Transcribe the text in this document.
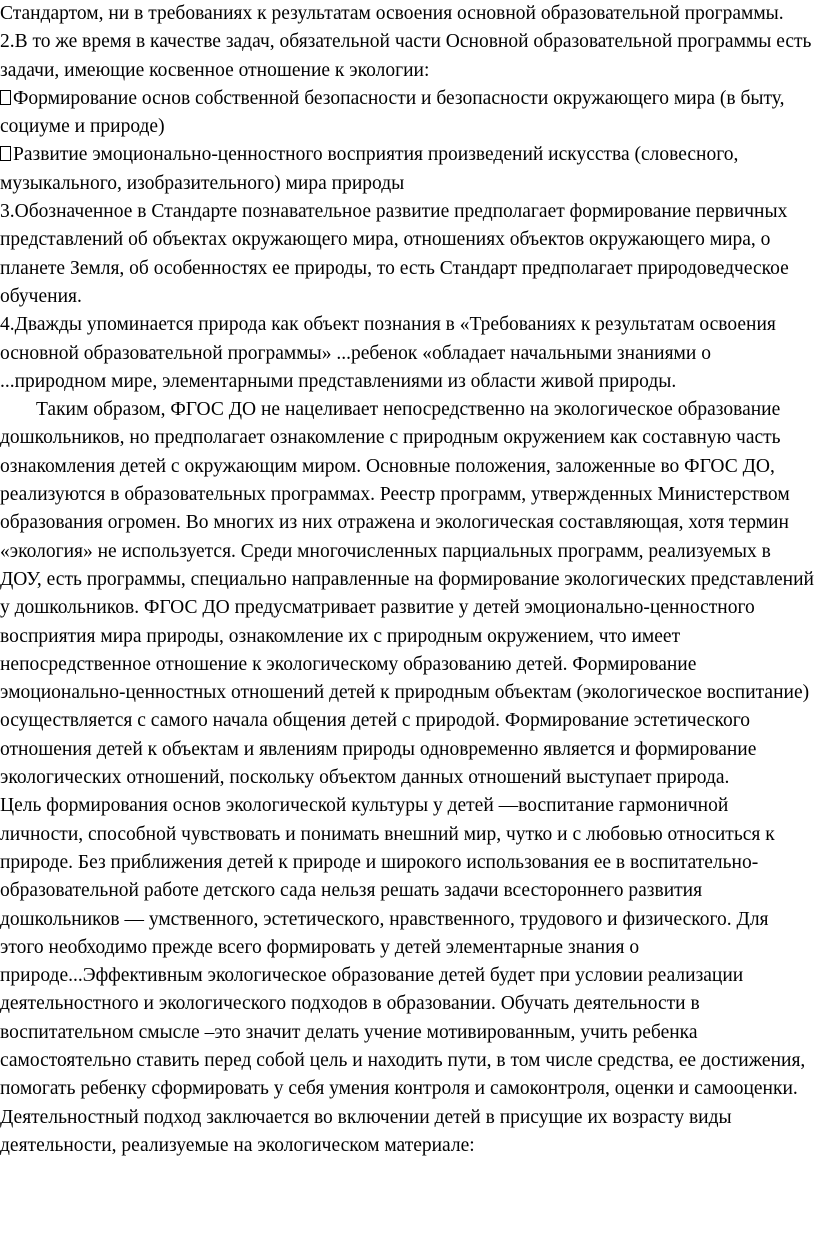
Стандартом, ни в требованиях к результатам освоения основной образовательной программы.

2.В то же время в качестве задач, обязательной части Основной образовательной программы есть задачи, имеющие косвенное отношение к экологии:

Формирование основ собственной безопасности и безопасности окружающего мира (в быту, социуме и природе)

Развитие эмоционально-ценностного восприятия произведений искусства (словесного, музыкального, изобразительного) мира природы

3.Обозначенное в Стандарте познавательное развитие предполагает формирование первичных представлений об объектах окружающего мира, отношениях объектов окружающего мира, о планете Земля, об особенностях ее природы, то есть Стандарт предполагает природоведческое обучения.

4.Дважды упоминается природа как объект познания в «Требованиях к результатам освоения основной образовательной программы» ...ребенок «обладает начальными знаниями о ...природном мире, элементарными представлениями из области живой природы.

Таким образом, ФГОС ДО не нацеливает непосредственно на экологическое образование дошкольников, но предполагает ознакомление с природным окружением как составную часть ознакомления детей с окружающим миром. Основные положения, заложенные во ФГОС ДО, реализуются в образовательных программах. Реестр программ, утвержденных Министерством образования огромен. Во многих из них отражена и экологическая составляющая, хотя термин «экология» не используется. Среди многочисленных парциальных программ, реализуемых в ДОУ, есть программы, специально направленные на формирование экологических представлений у дошкольников. ФГОС ДО предусматривает развитие у детей эмоционально-ценностного восприятия мира природы, ознакомление их с природным окружением, что имеет непосредственное отношение к экологическому образованию детей. Формирование эмоционально-ценностных отношений детей к природным объектам (экологическое воспитание) осуществляется с самого начала общения детей с природой. Формирование эстетического отношения детей к объектам и явлениям природы одновременно является и формирование экологических отношений, поскольку объектом данных отношений выступает природа.

Цель формирования основ экологической культуры у детей —воспитание гармоничной личности, способной чувствовать и понимать внешний мир, чутко и с любовью относиться к природе. Без приближения детей к природе и широкого использования ее в воспитательно-образовательной работе детского сада нельзя решать задачи всестороннего развития дошкольников — умственного, эстетического, нравственного, трудового и физического. Для этого необходимо прежде всего формировать у детей элементарные знания о природе...Эффективным экологическое образование детей будет при условии реализации деятельностного и экологического подходов в образовании. Обучать деятельности в воспитательном смысле –это значит делать учение мотивированным, учить ребенка самостоятельно ставить перед собой цель и находить пути, в том числе средства, ее достижения, помогать ребенку сформировать у себя умения контроля и самоконтроля, оценки и самооценки. Деятельностный подход заключается во включении детей в присущие их возрасту виды деятельности, реализуемые на экологическом материале:
